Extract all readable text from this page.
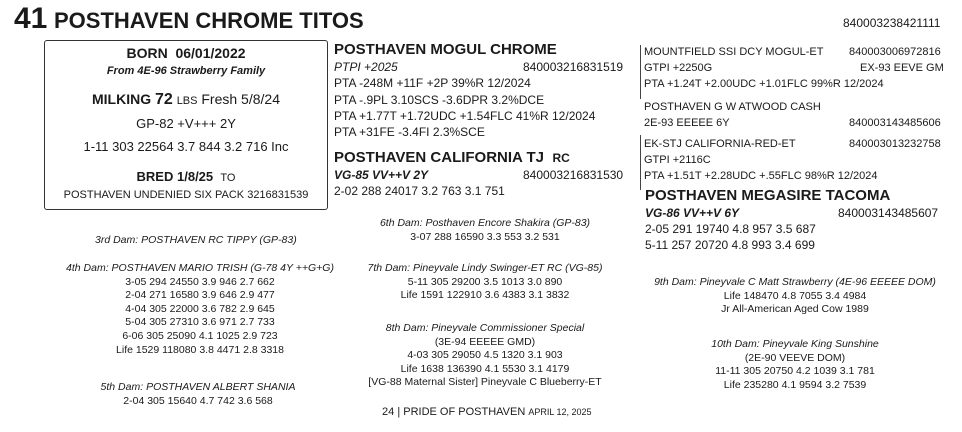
41 POSTHAVEN CHROME TITOS	840003238421111
BORN 06/01/2022
From 4E-96 Strawberry Family
MILKING 72 LBS Fresh 5/8/24
GP-82 +V+++ 2Y
1-11 303 22564 3.7 844 3.2 716 Inc
BRED 1/8/25 TO
POSTHAVEN UNDENIED SIX PACK 3216831539
POSTHAVEN MOGUL CHROME
PTPI +2025	840003216831519
PTA -248M +11F +2P 39%R 12/2024
PTA -.9PL 3.10SCS -3.6DPR 3.2%DCE
PTA +1.77T +1.72UDC +1.54FLC 41%R 12/2024
PTA +31FE -3.4FI 2.3%SCE
POSTHAVEN CALIFORNIA TJ RC
VG-85 VV++V 2Y	840003216831530
2-02 288 24017 3.2 763 3.1 751
MOUNTFIELD SSI DCY MOGUL-ET 840003006972816
GTPI +2250G	EX-93 EEVE GM
PTA +1.24T +2.00UDC +1.01FLC 99%R 12/2024
POSTHAVEN G W ATWOOD CASH
2E-93 EEEEE 6Y	840003143485606
EK-STJ CALIFORNIA-RED-ET	840003013232758
GTPI +2116C
PTA +1.51T +2.28UDC +.55FLC 98%R 12/2024
POSTHAVEN MEGASIRE TACOMA
VG-86 VV++V 6Y	840003143485607
2-05 291 19740 4.8 957 3.5 687
5-11 257 20720 4.8 993 3.4 699
3rd Dam: POSTHAVEN RC TIPPY (GP-83)
4th Dam: POSTHAVEN MARIO TRISH (G-78 4Y ++G+G)
3-05 294 24550 3.9 946 2.7 662
2-04 271 16580 3.9 646 2.9 477
4-04 305 22000 3.6 782 2.9 645
5-04 305 27310 3.6 971 2.7 733
6-06 305 25090 4.1 1025 2.9 723
Life 1529 118080 3.8 4471 2.8 3318
5th Dam: POSTHAVEN ALBERT SHANIA
2-04 305 15640 4.7 742 3.6 568
6th Dam: Posthaven Encore Shakira (GP-83)
3-07 288 16590 3.3 553 3.2 531
7th Dam: Pineyvale Lindy Swinger-ET RC (VG-85)
5-11 305 29200 3.5 1013 3.0 890
Life 1591 122910 3.6 4383 3.1 3832
8th Dam: Pineyvale Commissioner Special
(3E-94 EEEEE GMD)
4-03 305 29050 4.5 1320 3.1 903
Life 1638 136390 4.1 5530 3.1 4179
[VG-88 Maternal Sister] Pineyvale C Blueberry-ET
9th Dam: Pineyvale C Matt Strawberry (4E-96 EEEEE DOM)
Life 148470 4.8 7055 3.4 4984
Jr All-American Aged Cow 1989
10th Dam: Pineyvale King Sunshine
(2E-90 VEEVE DOM)
11-11 305 20750 4.2 1039 3.1 781
Life 235280 4.1 9594 3.2 7539
24 | PRIDE OF POSTHAVEN APRIL 12, 2025
